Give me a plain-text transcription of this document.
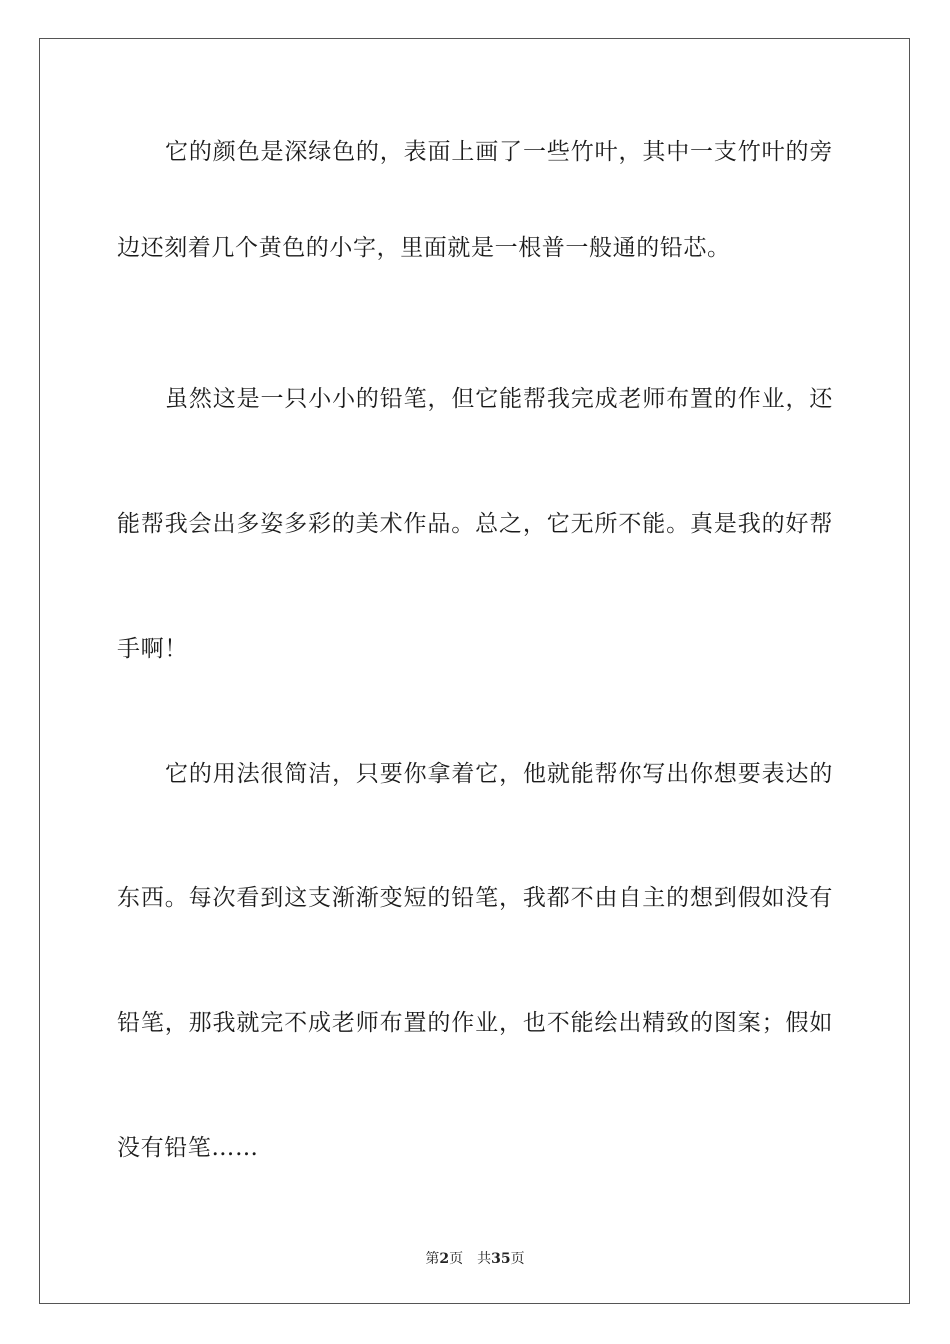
它的颜色是深绿色的，表面上画了一些竹叶，其中一支竹叶的旁
边还刻着几个黄色的小字，里面就是一根普一般通的铅芯。
虽然这是一只小小的铅笔，但它能帮我完成老师布置的作业，还
能帮我会出多姿多彩的美术作品。总之，它无所不能。真是我的好帮
手啊！
它的用法很简洁，只要你拿着它，他就能帮你写出你想要表达的
东西。每次看到这支渐渐变短的铅笔，我都不由自主的想到假如没有
铅笔，那我就完不成老师布置的作业，也不能绘出精致的图案；假如
没有铅笔……
第2页 共35页
